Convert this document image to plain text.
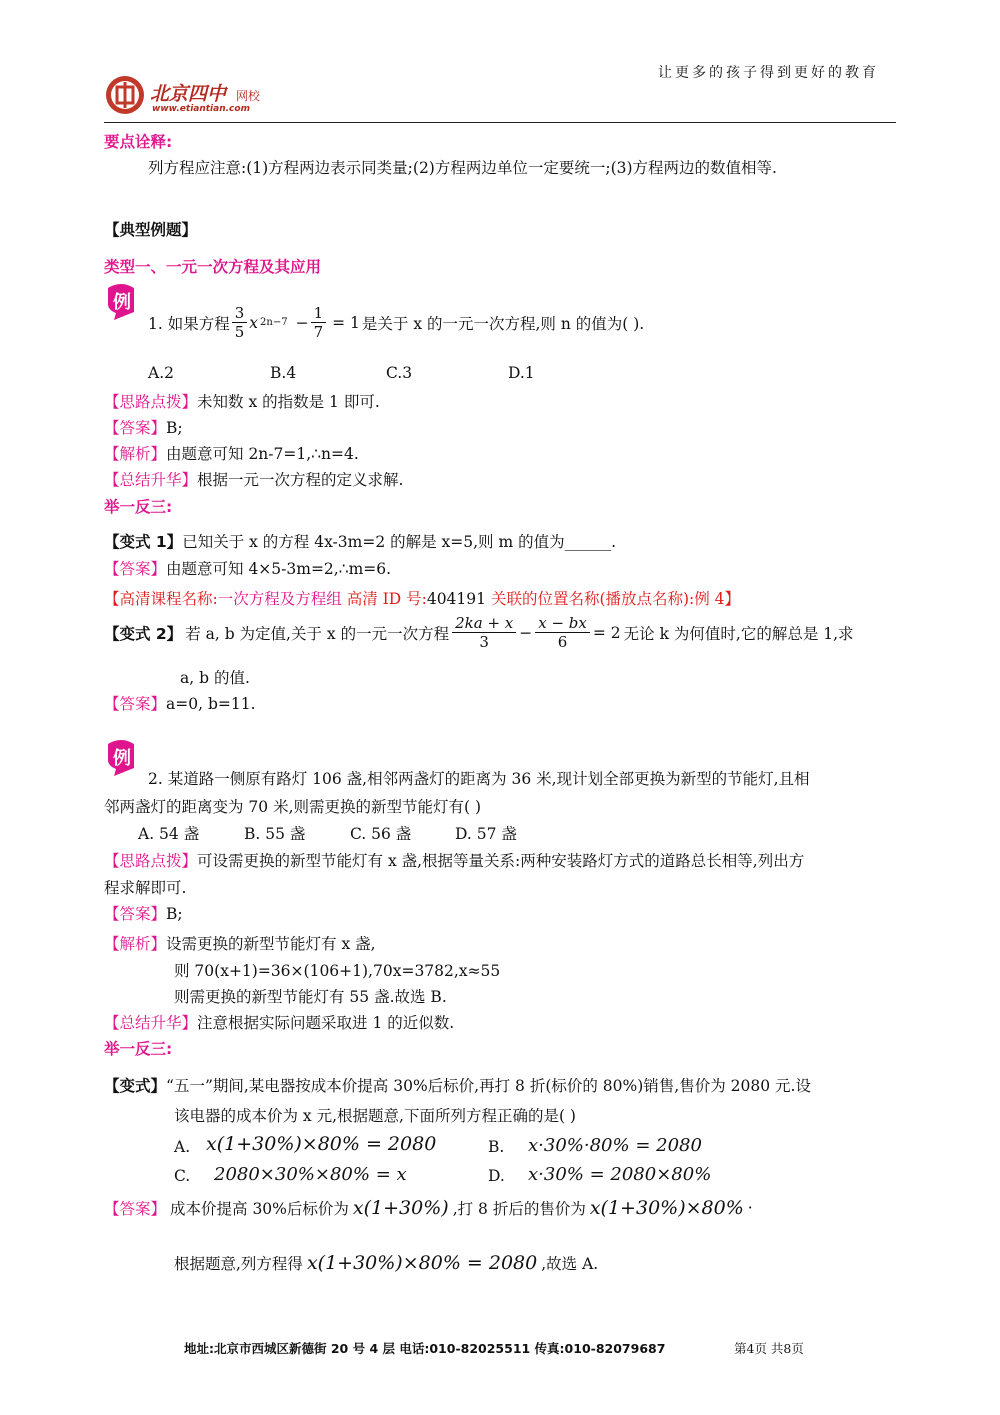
让更多的孩子得到更好的教育
北京四中 网校
www.etiantian.com
要点诠释:
列方程应注意:(1)方程两边表示同类量;(2)方程两边单位一定要统一;(3)方程两边的数值相等.
【典型例题】
类型一、一元一次方程及其应用
例
1. 如果方程 $\frac{3}{5}$ x $2n-7 - \frac{1}{7} = 1$ 是关于 x 的一元一次方程,则 n 的值为( ).
A.2	B.4	C.3	D.1
【思路点拨】未知数 x 的指数是 1 即可.
【答案】B;
【解析】由题意可知 2n-7=1,∴n=4.
【总结升华】根据一元一次方程的定义求解.
举一反三:
【变式 1】已知关于 x 的方程 4x-3m=2 的解是 x=5,则 m 的值为______.
【答案】由题意可知 4×5-3m=2,∴m=6.
【高清课程名称:一次方程及方程组 高清 ID 号:404191 关联的位置名称(播放点名称):例 4】
【变式 2】 若 a, b 为定值,关于 x 的一元一次方程 $\frac{2ka + x}{3} - \frac{x - bx}{6} = 2$ 无论 k 为何值时,它的解总是 1,求
a, b 的值.
【答案】a=0, b=11.
例
2. 某道路一侧原有路灯 106 盏,相邻两盏灯的距离为 36 米,现计划全部更换为新型的节能灯,且相
邻两盏灯的距离变为 70 米,则需更换的新型节能灯有( )
A. 54 盏	B. 55 盏	C. 56 盏	D. 57 盏
【思路点拨】可设需更换的新型节能灯有 x 盏,根据等量关系:两种安装路灯方式的道路总长相等,列出方
程求解即可.
【答案】B;
【解析】设需更换的新型节能灯有 x 盏,
则 70(x+1)=36×(106+1),70x=3782,x≈55
则需更换的新型节能灯有 55 盏.故选 B.
【总结升华】注意根据实际问题采取进 1 的近似数.
举一反三:
【变式】“五一”期间,某电器按成本价提高 30%后标价,再打 8 折(标价的 80%)销售,售价为 2080 元.设
该电器的成本价为 x 元,根据题意,下面所列方程正确的是( )
A. x(1+30%)×80% = 2080	B. x·30%·80% = 2080
C. 2080×30%×80% = x	D. x·30% = 2080×80%
【答案】 成本价提高 30%后标价为 x(1+30%) ,打 8 折后的售价为 x(1+30%)×80% ·
根据题意,列方程得 x(1+30%)×80% = 2080 ,故选 A.
地址:北京市西城区新德街 20 号 4 层 电话:010-82025511 传真:010-82079687	第4页 共8页
